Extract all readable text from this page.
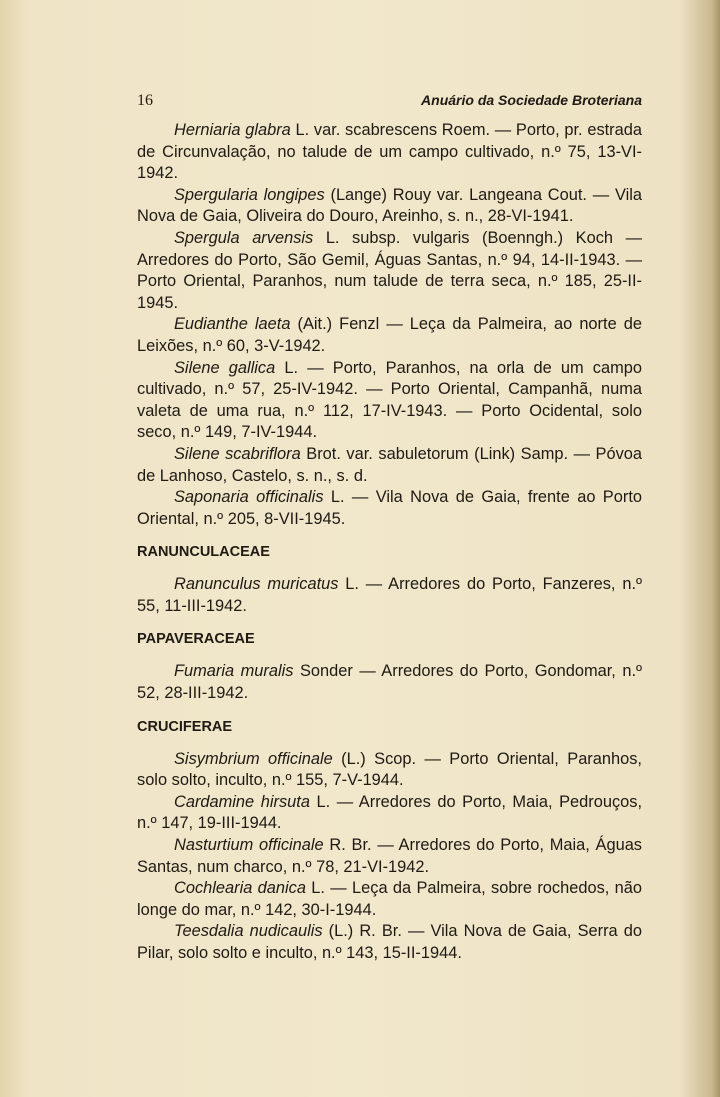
16	Anuário da Sociedade Broteriana

Herniaria glabra L. var. scabrescens Roem. — Porto, pr. estrada de Circunvalação, no talude de um campo cultivado, n.º 75, 13-VI-1942.

Spergularia longipes (Lange) Rouy var. Langeana Cout. — Vila Nova de Gaia, Oliveira do Douro, Areinho, s. n., 28-VI-1941.

Spergula arvensis L. subsp. vulgaris (Boenngh.) Koch — Arredores do Porto, São Gemil, Águas Santas, n.º 94, 14-II-1943. — Porto Oriental, Paranhos, num talude de terra seca, n.º 185, 25-II-1945.

Eudianthe laeta (Ait.) Fenzl — Leça da Palmeira, ao norte de Leixões, n.º 60, 3-V-1942.

Silene gallica L. — Porto, Paranhos, na orla de um campo cultivado, n.º 57, 25-IV-1942. — Porto Oriental, Campanhã, numa valeta de uma rua, n.º 112, 17-IV-1943. — Porto Ocidental, solo seco, n.º 149, 7-IV-1944.

Silene scabriflora Brot. var. sabuletorum (Link) Samp. — Póvoa de Lanhoso, Castelo, s. n., s. d.

Saponaria officinalis L. — Vila Nova de Gaia, frente ao Porto Oriental, n.º 205, 8-VII-1945.

RANUNCULACEAE

Ranunculus muricatus L. — Arredores do Porto, Fanzeres, n.º 55, 11-III-1942.

PAPAVERACEAE

Fumaria muralis Sonder — Arredores do Porto, Gondomar, n.º 52, 28-III-1942.

CRUCIFERAE

Sisymbrium officinale (L.) Scop. — Porto Oriental, Paranhos, solo solto, inculto, n.º 155, 7-V-1944.

Cardamine hirsuta L. — Arredores do Porto, Maia, Pedrouços, n.º 147, 19-III-1944.

Nasturtium officinale R. Br. — Arredores do Porto, Maia, Águas Santas, num charco, n.º 78, 21-VI-1942.

Cochlearia danica L. — Leça da Palmeira, sobre rochedos, não longe do mar, n.º 142, 30-I-1944.

Teesdalia nudicaulis (L.) R. Br. — Vila Nova de Gaia, Serra do Pilar, solo solto e inculto, n.º 143, 15-II-1944.
